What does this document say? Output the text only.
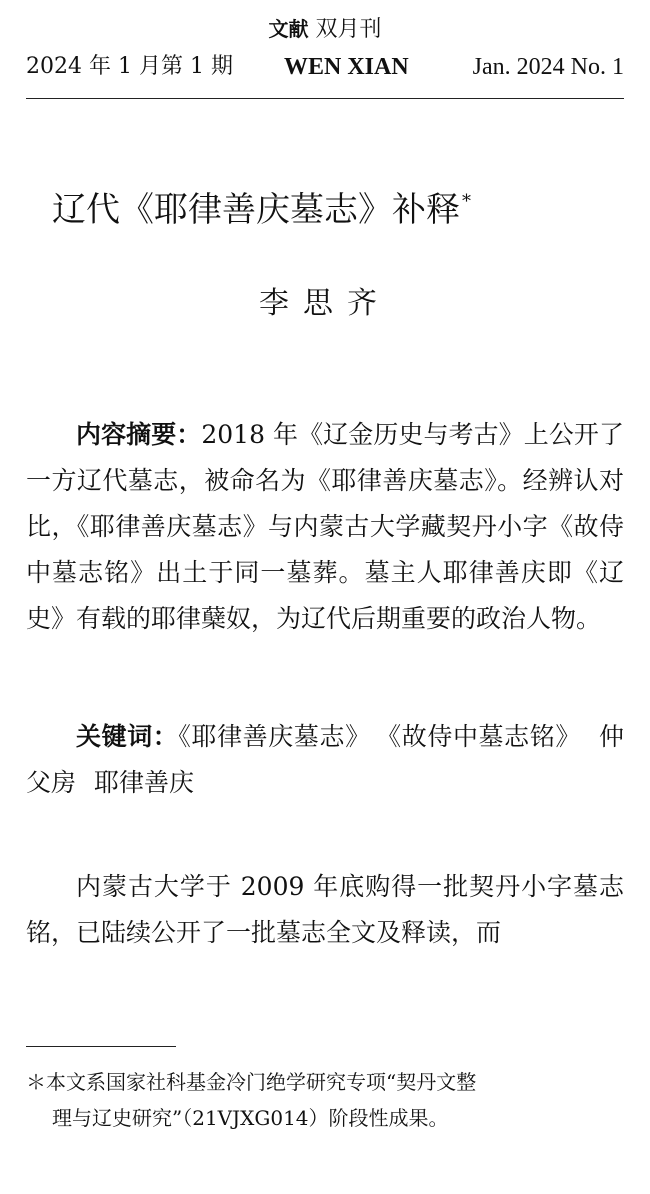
文献 双月刊
2024 年 1 月第 1 期 WEN XIAN	Jan. 2024 No. 1
辽代《耶律善庆墓志》补释 *
李思齐

内容摘要：2018 年《辽金历史与考古》上公开了一方辽代墓志，被命名为《耶律善庆墓志》。经辨认对比，《耶律善庆墓志》与内蒙古大学藏契丹小字《故侍中墓志铭》出土于同一墓葬。墓主人耶律善庆即《辽史》有载的耶律蘖奴，为辽代后期重要的政治人物。

关键词：《耶律善庆墓志》 《故侍中墓志铭》 仲父房 耶律善庆

内蒙古大学于 2009 年底购得一批契丹小字墓志铭，已陆续公开了一批墓志全文及释读，而

＊本文系国家社科基金冷门绝学研究专项“契丹文整
理与辽史研究”（21VJXG014）阶段性成果。
